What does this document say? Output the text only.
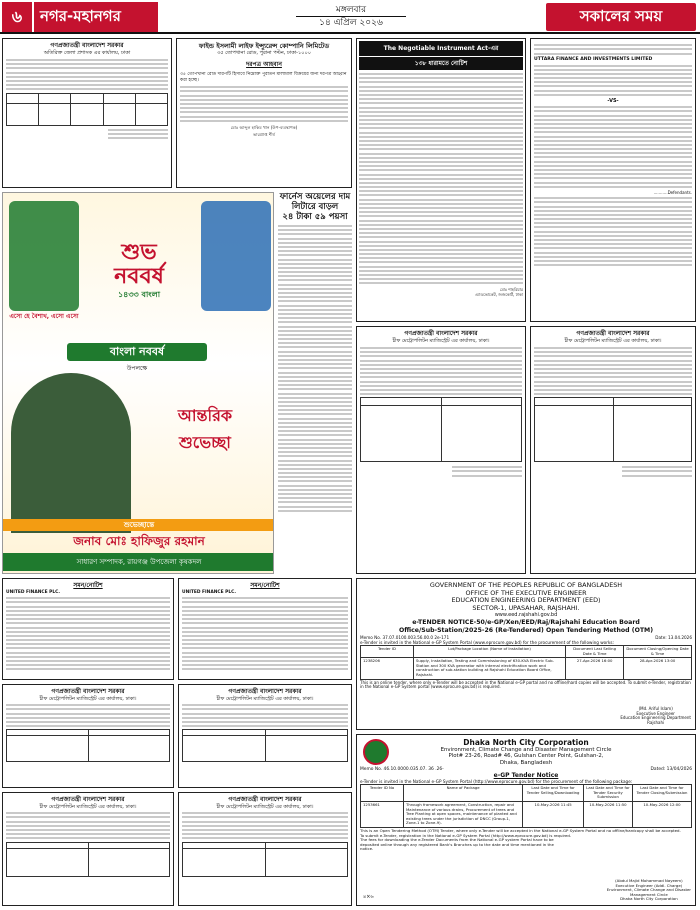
৬	নগর-মহানগর	মঙ্গলবার
১৪ এপ্রিল ২০২৬	সকালের সময়
গণপ্রজাতন্ত্রী বাংলাদেশ সরকার
অতিরিক্ত জেলা প্রশাসক এর কার্যালয়, ঢাকা

ফাইন্ড ইসলামী লাইফ ইন্স্যুরেন্স কোম্পানি লিমিটেড
৩৫ তোপখানা রোড, পুরানা পল্টন, ঢাকা-১০০০
দরপত্র আহবান
৩৫ তোপখানা রোড দারপটি হিসাবে নিম্নোক্ত পুরাতন মালামাল বিক্রয়ের জন্য দরপত্র আহ্বান করা হচ্ছে।
মোঃ আব্দুল হাকিম খান (উপ-ব্যবস্থাপক)
ভারপ্রাপ্ত শীর্ষ
The Negotiable Instrument Act-এর
১৩৮ ধারামতে নোটিশ
মোঃ শাহরিয়ার
এ্যাডভোকেট, জজকোর্ট, ঢাকা
UTTARA FINANCE AND INVESTMENTS LIMITED
-VS-
...........Defendants.
এসো হে বৈশাখ, এসো এসো
শুভ
নববর্ষ
১৪৩৩ বাংলা
বাংলা নববর্ষ
উপলক্ষে
আন্তরিক
শুভেচ্ছা
শুভেচ্ছান্তে
জনাব মোঃ হাফিজুর রহমান
সাধারণ সম্পাদক, রায়গঞ্জ উপজেলা কৃষকদল
ফার্নেস অয়েলের দাম লিটারে বাড়ল
২৪ টাকা ৫৯ পয়সা
গণপ্রজাতন্ত্রী বাংলাদেশ সরকার
চীফ মেট্রোপলিটন ম্যাজিস্ট্রেট এর কার্যালয়, ঢাকা।

গণপ্রজাতন্ত্রী বাংলাদেশ সরকার
চীফ মেট্রোপলিটন ম্যাজিস্ট্রেট এর কার্যালয়, ঢাকা।

সমন/নোটিশ
UNITED FINANCE PLC.
সমন/নোটিশ
UNITED FINANCE PLC.
GOVERNMENT OF THE PEOPLES REPUBLIC OF BANGLADESH
OFFICE OF THE EXECUTIVE ENGINEER
EDUCATION ENGINEERING DEPARTMENT (EED)
SECTOR-1, UPASAHAR, RAJSHAHI.
www.eed.rajshahi.gov.bd
e-TENDER NOTICE-50/e-GP/Xen/EED/Raj/Rajshahi Education Board
Office/Sub-Station/2025-26 (Re-Tendered) Open Tendering Method (OTM)
Memo No. 37.07.0100.003.56.00.0 2e-171	Date: 13.04.2026
e-Tender is invited in the National e-GP System Portal (www.eprocure.gov.bd) for the procurement of the following works:
Tender ID	Lot/Package Location (Name of Installation)	Document Last Selling Date & Time	Document Closing/Opening Date & Time
1238206	Supply, Installation, Testing and Commissioning of 630-KVA Electric Sub-Station and 300 KVA generator with internal electrification work and construction of sub-station building at Rajshahi Education Board Office, Rajshahi.	27-Apr-2026 16:00	28-Apr-2026 13:00
This is an online tender, where only e-Tender will be accepted in the National e-GP portal and no offline/hard copies will be accepted. To submit e-Tender, registration in the National e-GP System portal (www.eprocure.gov.bd) is required.
(Md. Ariful Islam)
Executive Engineer
Education Engineering Department
Rajshahi
গণপ্রজাতন্ত্রী বাংলাদেশ সরকার
চীফ মেট্রোপলিটন ম্যাজিস্ট্রেট এর কার্যালয়, ঢাকা।

গণপ্রজাতন্ত্রী বাংলাদেশ সরকার
চীফ মেট্রোপলিটন ম্যাজিস্ট্রেট এর কার্যালয়, ঢাকা।

গণপ্রজাতন্ত্রী বাংলাদেশ সরকার
চীফ মেট্রোপলিটন ম্যাজিস্ট্রেট এর কার্যালয়, ঢাকা।

গণপ্রজাতন্ত্রী বাংলাদেশ সরকার
চীফ মেট্রোপলিটন ম্যাজিস্ট্রেট এর কার্যালয়, ঢাকা।

Dhaka North City Corporation
Environment, Climate Change and Disaster Management Circle
Plot# 23-26, Road# 46, Gulshan Center Point, Gulshan-2,
Dhaka, Bangladesh
Memo No. 46.10.0000.035.07. 36 .26-	Dated: 13/04/2026
e-GP Tender Notice
e-Tender is invited in the National e-GP System Portal (http://www.eprocure.gov.bd) for the procurement of the following package:
Tender ID No	Name of Package	Last Date and Time for Tender Selling/Downloading	Last Date and Time for Tender Security Submission	Last Date and Time for Tender Closing/Submission
1253661	Through framework agreement, Construction, repair and Maintenance of various drains, Procurement of trees and Tree Planting at open spaces, maintenance of planted and existing trees under the jurisdiction of DNCC (Group-1, Zone-1 to Zone-9).	10-May-2026 11:45	10-May-2026 11:50	10-May-2026 12:00
This is an Open Tendering Method (OTM) Tender, where only e-Tender will be accepted in the National e-GP System Portal and no offline/hardcopy shall be accepted.
To submit e-Tender, registration in the National e-GP System Portal (http://www.eprocure.gov.bd) is required.
The fees for downloading the e-Tender Documents from the National e-GP system Portal have to be deposited online through any registered Bank's Branches up to the date and time mentioned in the notice.
(Abdul Majid Mohammad Nayeem)
Executive Engineer (Addl. Charge)
Environment, Climate Change and Disaster
Management Circle
Dhaka North City Corporation
৪×৬
